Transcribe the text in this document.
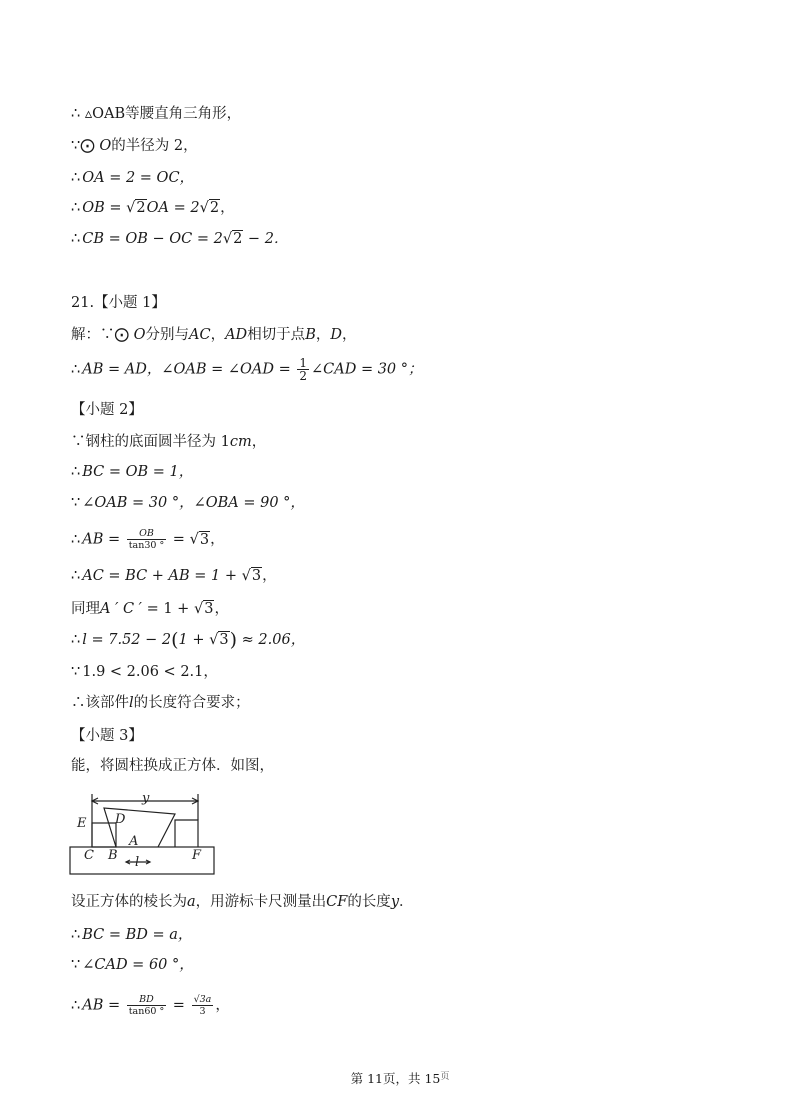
∴ ▵OAB等腰直角三角形，
∵⨀ O的半径为 2，
∴ OA = 2 = OC，
∴ OB = √2OA = 2√2，
∴ CB = OB − OC = 2√2 − 2．
21.【小题 1】
解：∵⨀ O分别与AC，AD相切于点B，D，
∴ AB = AD，∠OAB = ∠OAD = $\frac{1}{2}$ ∠CAD = 30 °；
【小题 2】
∵钢柱的底面圆半径为 1cm，
∴ BC = OB = 1，
∵ ∠OAB = 30 °，∠OBA = 90 °，
∴ AB = $\frac{OB}{\tan 30 ^\circ} = √3$，
∴ AC = BC + AB = 1 + √3，
同理A ′ C ′ = 1 + √3，
∴ l = 7.52 − 2(1 + √3) ≈ 2.06，
∵ 1.9 < 2.06 < 2.1，
∴该部件l的长度符合要求；
【小题 3】
能，将圆柱换成正方体．如图，
y
E D
A
C B l	F
设正方体的棱长为a，用游标卡尺测量出CF的长度y．
∴ BC = BD = a，
∵ ∠CAD = 60 °，
∴ AB = $\frac{BD}{\tan 60 ^\circ} = \frac{√3a}{3}$ ，
第 11页，共 $15^页$
